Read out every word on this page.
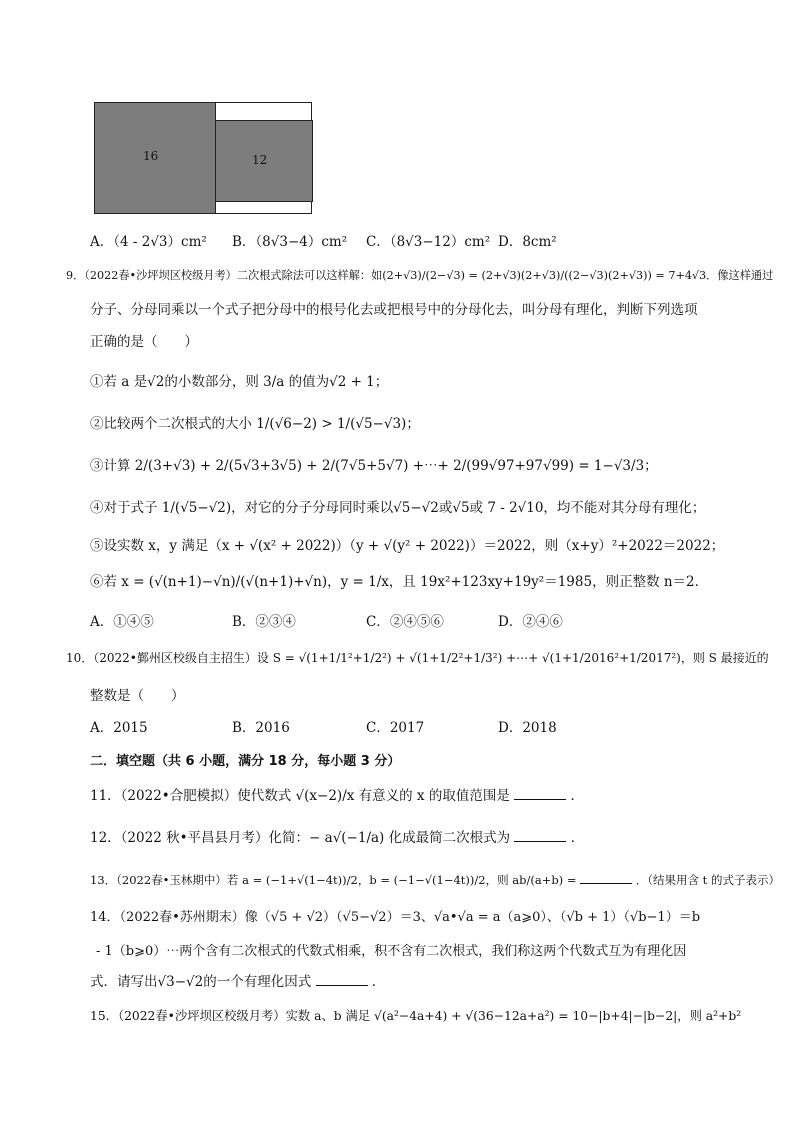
16	12
A．（4 - 2√3）cm² B．（8√3−4）cm² C．（8√3−12）cm² D．8cm²
9．（2022春•沙坪坝区校级月考）二次根式除法可以这样解：如(2+√3)/(2−√3) = (2+√3)(2+√3)/((2−√3)(2+√3)) = 7+4√3．像这样通过
分子、分母同乘以一个式子把分母中的根号化去或把根号中的分母化去，叫分母有理化，判断下列选项
正确的是（　　）
①若 a 是√2的小数部分，则 3/a 的值为√2 + 1；
②比较两个二次根式的大小 1/(√6−2) > 1/(√5−√3)；
③计算 2/(3+√3) + 2/(5√3+3√5) + 2/(7√5+5√7) +⋯+ 2/(99√97+97√99) = 1−√3/3；
④对于式子 1/(√5−√2)，对它的分子分母同时乘以√5−√2或√5或 7 - 2√10，均不能对其分母有理化；
⑤设实数 x，y 满足（x + √(x² + 2022)）（y + √(y² + 2022)）＝2022，则（x+y）²+2022＝2022；
⑥若 x = (√(n+1)−√n)/(√(n+1)+√n)，y = 1/x，且 19x²+123xy+19y²＝1985，则正整数 n＝2．
A．①④⑤	B．②③④	C．②④⑤⑥	D．②④⑥
10．（2022•鄞州区校级自主招生）设 S = √(1+1/1²+1/2²) + √(1+1/2²+1/3²) +⋯+ √(1+1/2016²+1/2017²)，则 S 最接近的
整数是（　　）
A．2015	B．2016	C．2017	D．2018
二．填空题（共 6 小题，满分 18 分，每小题 3 分）
11．（2022•合肥模拟）使代数式 √(x−2)/x 有意义的 x 的取值范围是	．
12．（2022 秋•平昌县月考）化简：− a√(−1/a) 化成最简二次根式为	．
13．（2022春•玉林期中）若 a = (−1+√(1−4t))/2，b = (−1−√(1−4t))/2，则 ab/(a+b) =	．（结果用含 t 的式子表示）
14．（2022春•苏州期末）像（√5 + √2）（√5−√2）＝3、√a•√a = a（a⩾0）、（√b + 1）（√b−1）＝b
- 1（b⩾0）⋯两个含有二次根式的代数式相乘，积不含有二次根式，我们称这两个代数式互为有理化因
式．请写出√3−√2的一个有理化因式	．
15．（2022春•沙坪坝区校级月考）实数 a、b 满足 √(a²−4a+4) + √(36−12a+a²) = 10−|b+4|−|b−2|，则 a²+b²
